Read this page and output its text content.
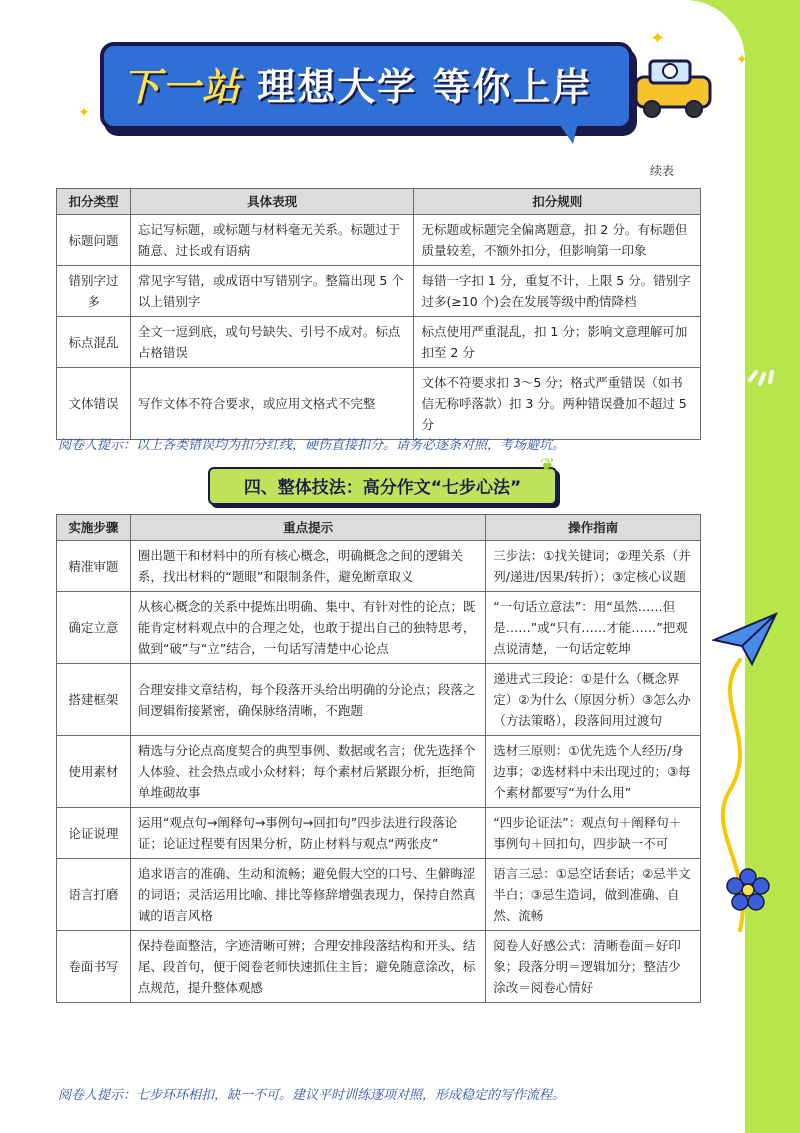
下一站 理想大学 等你上岸
✦
✦
✦
续表
扣分类型	具体表现	扣分规则
标题问题	忘记写标题，或标题与材料毫无关系。标题过于随意、过长或有语病	无标题或标题完全偏离题意，扣 2 分。有标题但质量较差，不额外扣分，但影响第一印象
错别字过多	常见字写错，或成语中写错别字。整篇出现 5 个以上错别字	每错一字扣 1 分，重复不计，上限 5 分。错别字过多(≥10 个)会在发展等级中酌情降档
标点混乱	全文一逗到底，或句号缺失、引号不成对。标点占格错误	标点使用严重混乱，扣 1 分；影响文意理解可加扣至 2 分
文体错误	写作文体不符合要求，或应用文格式不完整	文体不符要求扣 3～5 分；格式严重错误（如书信无称呼落款）扣 3 分。两种错误叠加不超过 5 分
阅卷人提示：以上各类错误均为扣分红线，硬伤直接扣分。请务必逐条对照，考场避坑。
四、整体技法：高分作文“七步心法”
❦
实施步骤	重点提示	操作指南
精准审题	圈出题干和材料中的所有核心概念，明确概念之间的逻辑关系，找出材料的“题眼”和限制条件，避免断章取义	三步法：①找关键词；②理关系（并列/递进/因果/转折）；③定核心议题
确定立意	从核心概念的关系中提炼出明确、集中、有针对性的论点；既能肯定材料观点中的合理之处，也敢于提出自己的独特思考，做到“破”与“立”结合，一句话写清楚中心论点	“一句话立意法”：用“虽然……但是……”或“只有……才能……”把观点说清楚，一句话定乾坤
搭建框架	合理安排文章结构，每个段落开头给出明确的分论点；段落之间逻辑衔接紧密，确保脉络清晰，不跑题	递进式三段论：①是什么（概念界定）②为什么（原因分析）③怎么办（方法策略），段落间用过渡句
使用素材	精选与分论点高度契合的典型事例、数据或名言；优先选择个人体验、社会热点或小众材料；每个素材后紧跟分析，拒绝简单堆砌故事	选材三原则：①优先选个人经历/身边事；②选材料中未出现过的；③每个素材都要写“为什么用”
论证说理	运用“观点句→阐释句→事例句→回扣句”四步法进行段落论证；论证过程要有因果分析，防止材料与观点“两张皮”	“四步论证法”：观点句＋阐释句＋事例句＋回扣句，四步缺一不可
语言打磨	追求语言的准确、生动和流畅；避免假大空的口号、生僻晦涩的词语；灵活运用比喻、排比等修辞增强表现力，保持自然真诚的语言风格	语言三忌：①忌空话套话；②忌半文半白；③忌生造词，做到准确、自然、流畅
卷面书写	保持卷面整洁，字迹清晰可辨；合理安排段落结构和开头、结尾、段首句，便于阅卷老师快速抓住主旨；避免随意涂改，标点规范，提升整体观感	阅卷人好感公式：清晰卷面＝好印象；段落分明＝逻辑加分；整洁少涂改＝阅卷心情好
阅卷人提示：七步环环相扣，缺一不可。建议平时训练逐项对照，形成稳定的写作流程。
